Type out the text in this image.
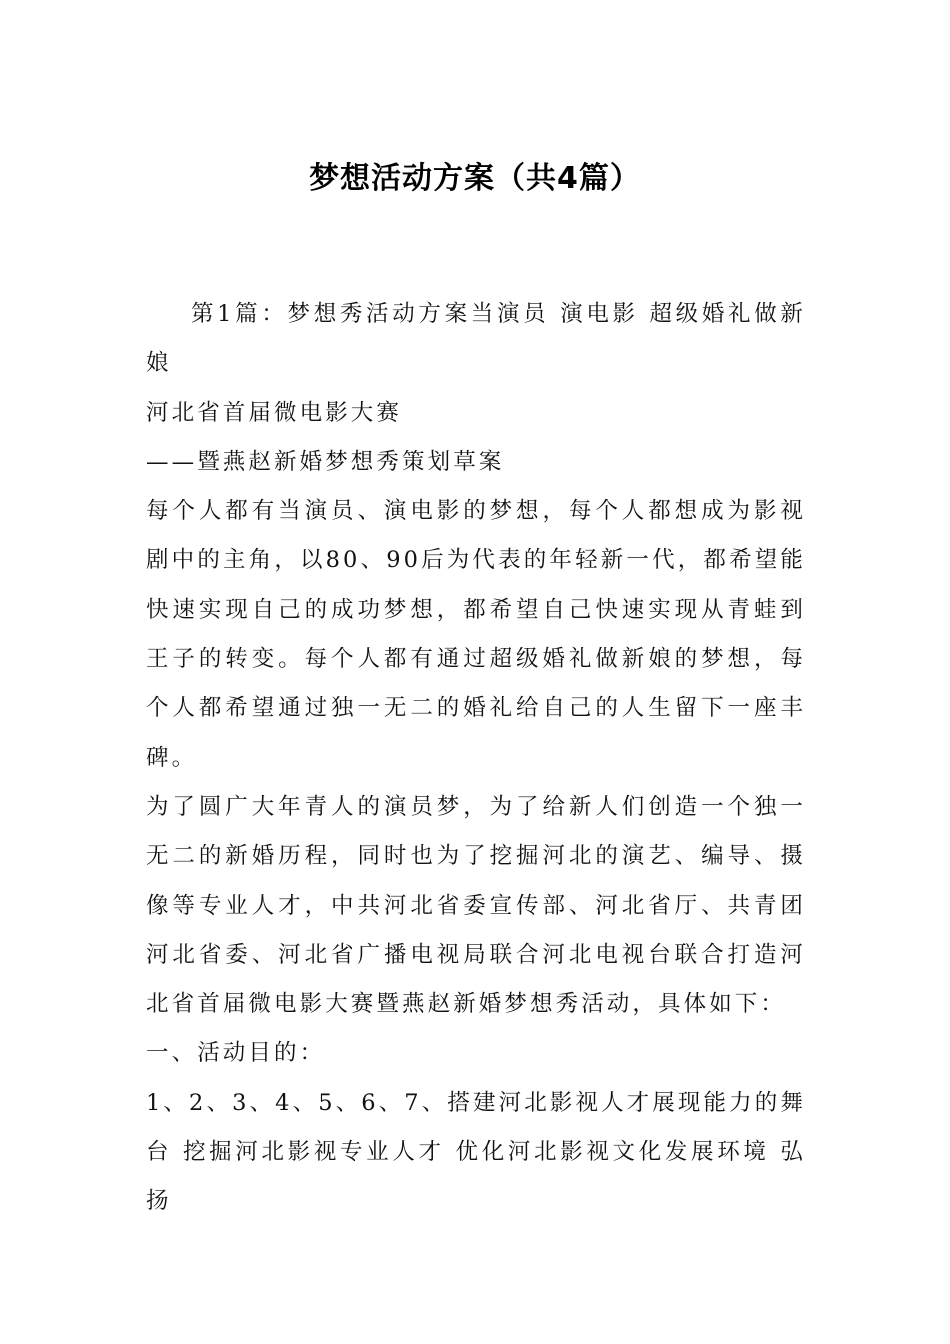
梦想活动方案（共4篇）

第1篇：梦想秀活动方案当演员 演电影 超级婚礼做新娘

河北省首届微电影大赛

——暨燕赵新婚梦想秀策划草案

每个人都有当演员、演电影的梦想，每个人都想成为影视剧中的主角，以80、90后为代表的年轻新一代，都希望能快速实现自己的成功梦想，都希望自己快速实现从青蛙到王子的转变。每个人都有通过超级婚礼做新娘的梦想，每个人都希望通过独一无二的婚礼给自己的人生留下一座丰碑。

为了圆广大年青人的演员梦，为了给新人们创造一个独一无二的新婚历程，同时也为了挖掘河北的演艺、编导、摄像等专业人才，中共河北省委宣传部、河北省厅、共青团河北省委、河北省广播电视局联合河北电视台联合打造河北省首届微电影大赛暨燕赵新婚梦想秀活动，具体如下：

一、活动目的：

1、2、3、4、5、6、7、搭建河北影视人才展现能力的舞台 挖掘河北影视专业人才 优化河北影视文化发展环境 弘扬
